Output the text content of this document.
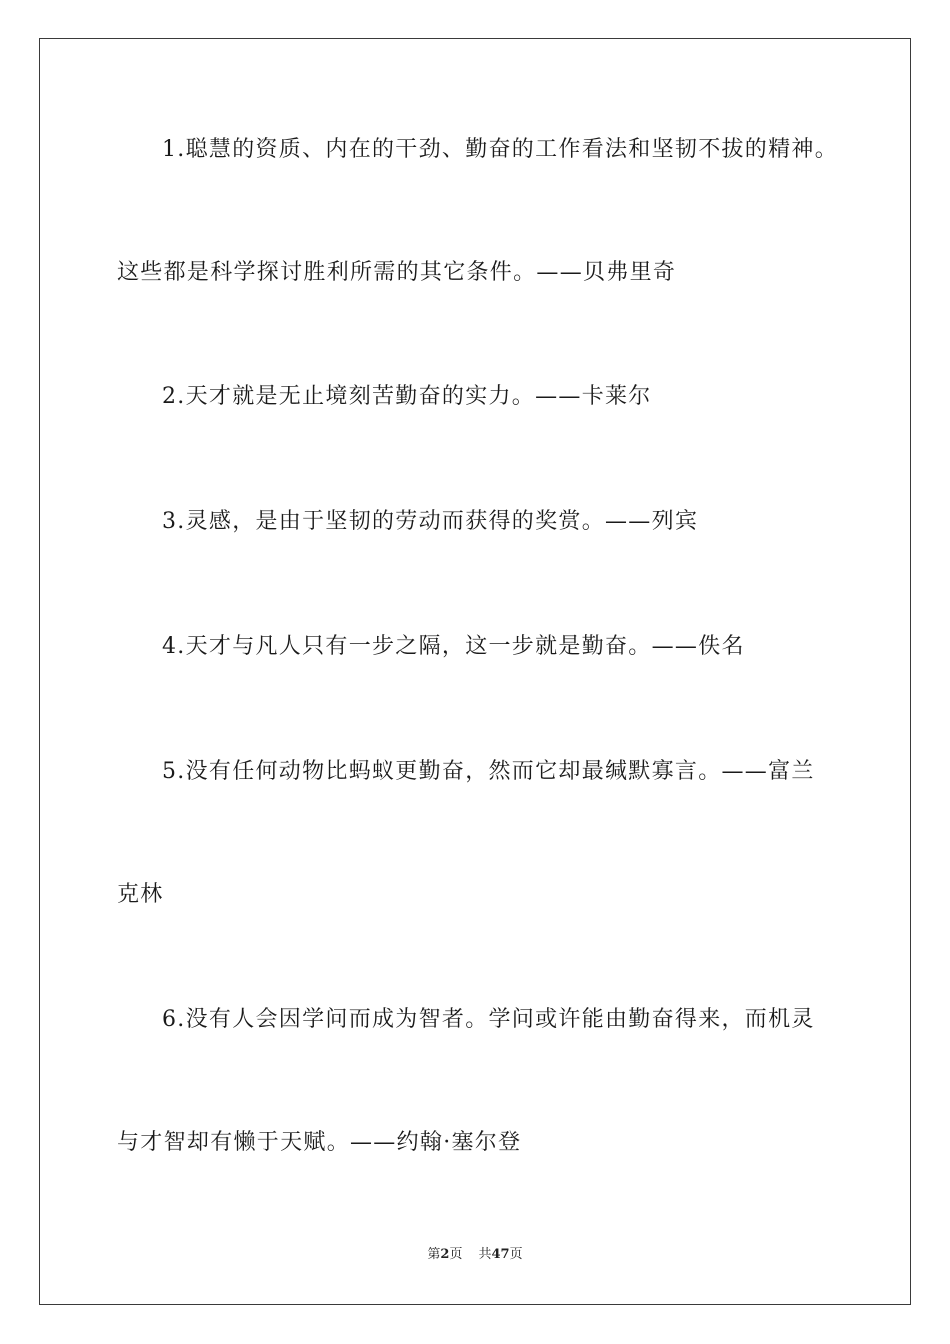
1.聪慧的资质、内在的干劲、勤奋的工作看法和坚韧不拔的精神。
这些都是科学探讨胜利所需的其它条件。——贝弗里奇
2.天才就是无止境刻苦勤奋的实力。——卡莱尔
3.灵感，是由于坚韧的劳动而获得的奖赏。——列宾
4.天才与凡人只有一步之隔，这一步就是勤奋。——佚名
5.没有任何动物比蚂蚁更勤奋，然而它却最缄默寡言。——富兰
克林
6.没有人会因学问而成为智者。学问或许能由勤奋得来，而机灵
与才智却有懒于天赋。——约翰·塞尔登
第2页 共47页
